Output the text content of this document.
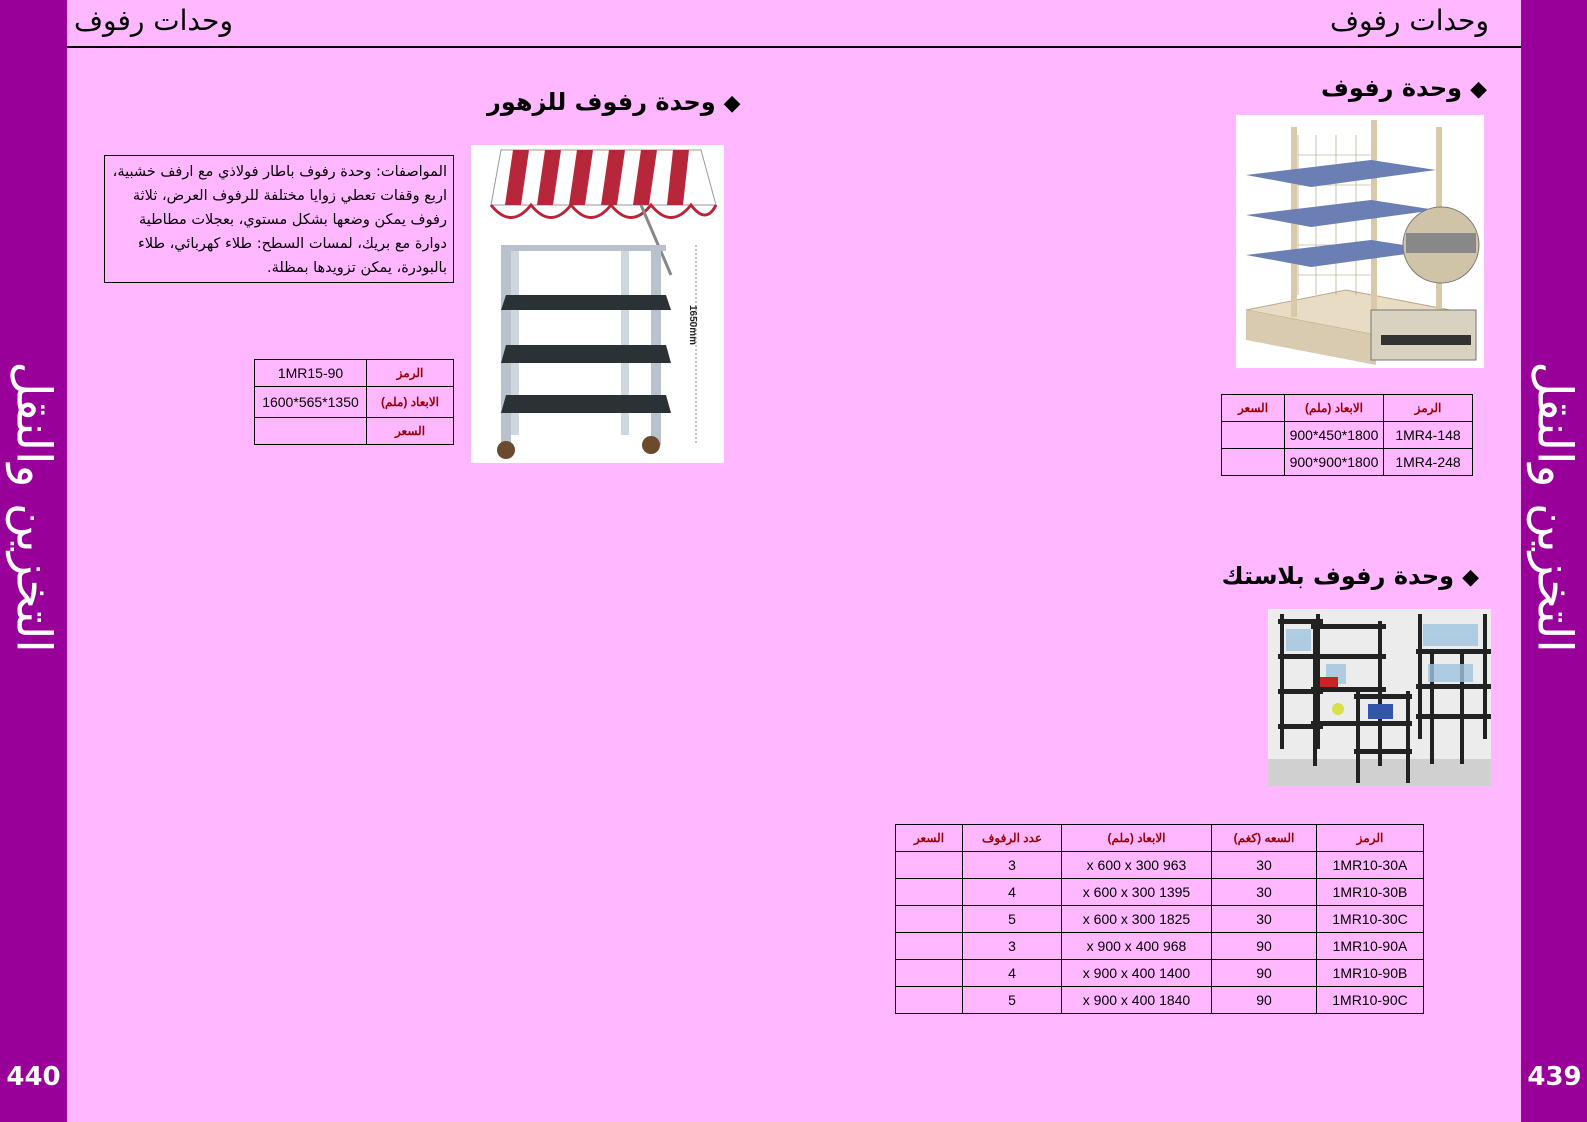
التخزين والنقل
440
التخزين والنقل
439
وحدات رفوف
وحدات رفوف
◆وحدة رفوف
الرمز	الابعاد (ملم)	السعر
1MR4-148	1800*450*900	
1MR4-248	1800*900*900	
◆وحدة رفوف بلاستك
الرمز	السعه (كغم)	الابعاد (ملم)	عدد الرفوف	السعر
1MR10-30A	30	963 x 600 x 300	3	
1MR10-30B	30	1395 x 600 x 300	4	
1MR10-30C	30	1825 x 600 x 300	5	
1MR10-90A	90	968 x 900 x 400	3	
1MR10-90B	90	1400 x 900 x 400	4	
1MR10-90C	90	1840 x 900 x 400	5	
◆وحدة رفوف للزهور
المواصفات: وحدة رفوف باطار فولاذي مع ارفف خشبية، اربع وقفات تعطي زوايا مختلفة للرفوف العرض، ثلاثة رفوف يمكن وضعها بشكل مستوي، بعجلات مطاطية دوارة مع بريك، لمسات السطح: طلاء كهربائي، طلاء بالبودرة، يمكن تزويدها بمظلة.
1650mm
الرمز	1MR15-90
الابعاد (ملم)	1350*565*1600
السعر	
